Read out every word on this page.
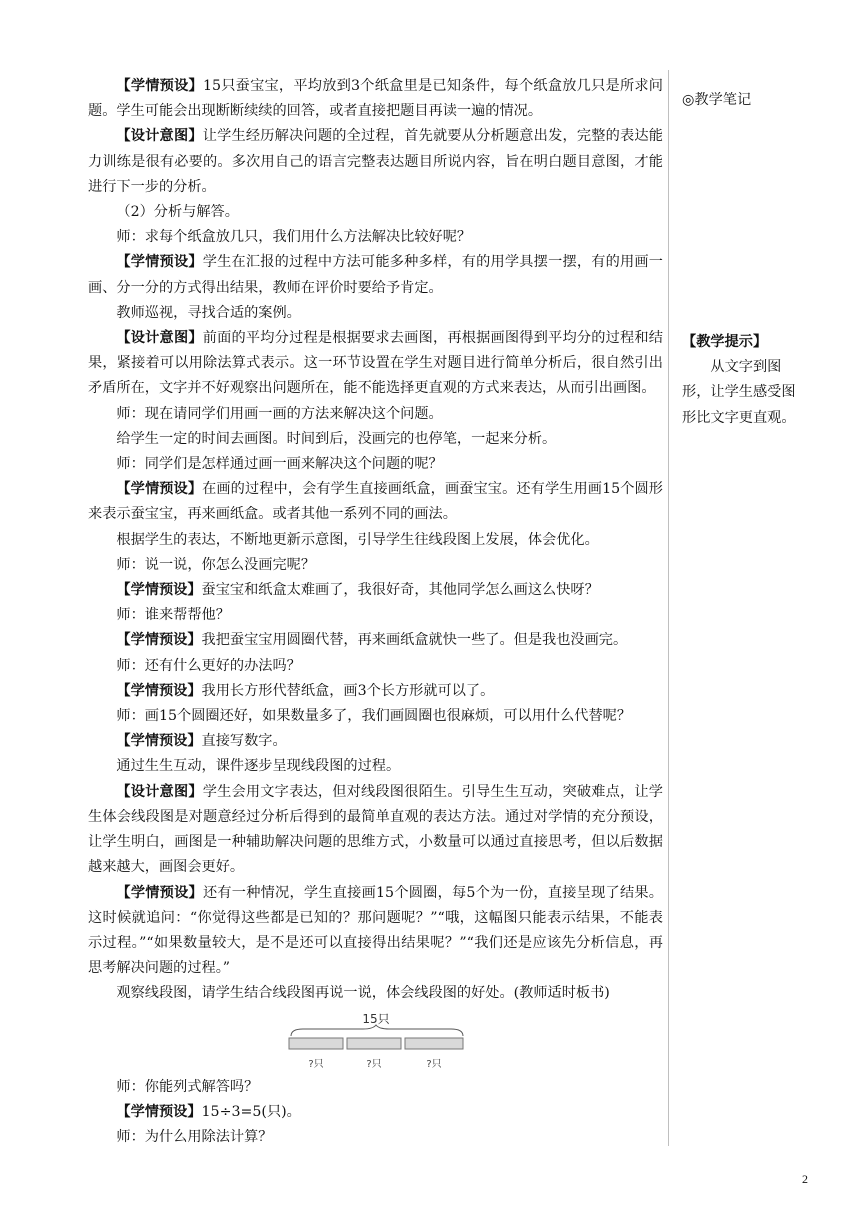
【学情预设】15只蚕宝宝，平均放到3个纸盒里是已知条件，每个纸盒放几只是所求问题。学生可能会出现断断续续的回答，或者直接把题目再读一遍的情况。

【设计意图】让学生经历解决问题的全过程，首先就要从分析题意出发，完整的表达能力训练是很有必要的。多次用自己的语言完整表达题目所说内容，旨在明白题目意图，才能进行下一步的分析。

（2）分析与解答。

师：求每个纸盒放几只，我们用什么方法解决比较好呢？

【学情预设】学生在汇报的过程中方法可能多种多样，有的用学具摆一摆，有的用画一画、分一分的方式得出结果，教师在评价时要给予肯定。

教师巡视，寻找合适的案例。

【设计意图】前面的平均分过程是根据要求去画图，再根据画图得到平均分的过程和结果，紧接着可以用除法算式表示。这一环节设置在学生对题目进行简单分析后，很自然引出矛盾所在，文字并不好观察出问题所在，能不能选择更直观的方式来表达，从而引出画图。

师：现在请同学们用画一画的方法来解决这个问题。

给学生一定的时间去画图。时间到后，没画完的也停笔，一起来分析。

师：同学们是怎样通过画一画来解决这个问题的呢？

【学情预设】在画的过程中，会有学生直接画纸盒，画蚕宝宝。还有学生用画15个圆形来表示蚕宝宝，再来画纸盒。或者其他一系列不同的画法。

根据学生的表达，不断地更新示意图，引导学生往线段图上发展，体会优化。

师：说一说，你怎么没画完呢？

【学情预设】蚕宝宝和纸盒太难画了，我很好奇，其他同学怎么画这么快呀？

师：谁来帮帮他？

【学情预设】我把蚕宝宝用圆圈代替，再来画纸盒就快一些了。但是我也没画完。

师：还有什么更好的办法吗？

【学情预设】我用长方形代替纸盒，画3个长方形就可以了。

师：画15个圆圈还好，如果数量多了，我们画圆圈也很麻烦，可以用什么代替呢？

【学情预设】直接写数字。

通过生生互动，课件逐步呈现线段图的过程。

【设计意图】学生会用文字表达，但对线段图很陌生。引导生生互动，突破难点，让学生体会线段图是对题意经过分析后得到的最简单直观的表达方法。通过对学情的充分预设，让学生明白，画图是一种辅助解决问题的思维方式，小数量可以通过直接思考，但以后数据越来越大，画图会更好。

【学情预设】还有一种情况，学生直接画15个圆圈，每5个为一份，直接呈现了结果。这时候就追问：“你觉得这些都是已知的？那问题呢？”“哦，这幅图只能表示结果，不能表示过程。”“如果数量较大，是不是还可以直接得出结果呢？”“我们还是应该先分析信息，再思考解决问题的过程。”

观察线段图，请学生结合线段图再说一说，体会线段图的好处。(教师适时板书)

15只
?只	?只	?只

师：你能列式解答吗？

【学情预设】15÷3=5(只)。

师：为什么用除法计算？

◎教学笔记
【教学提示】
从文字到图形，让学生感受图形比文字更直观。
2
